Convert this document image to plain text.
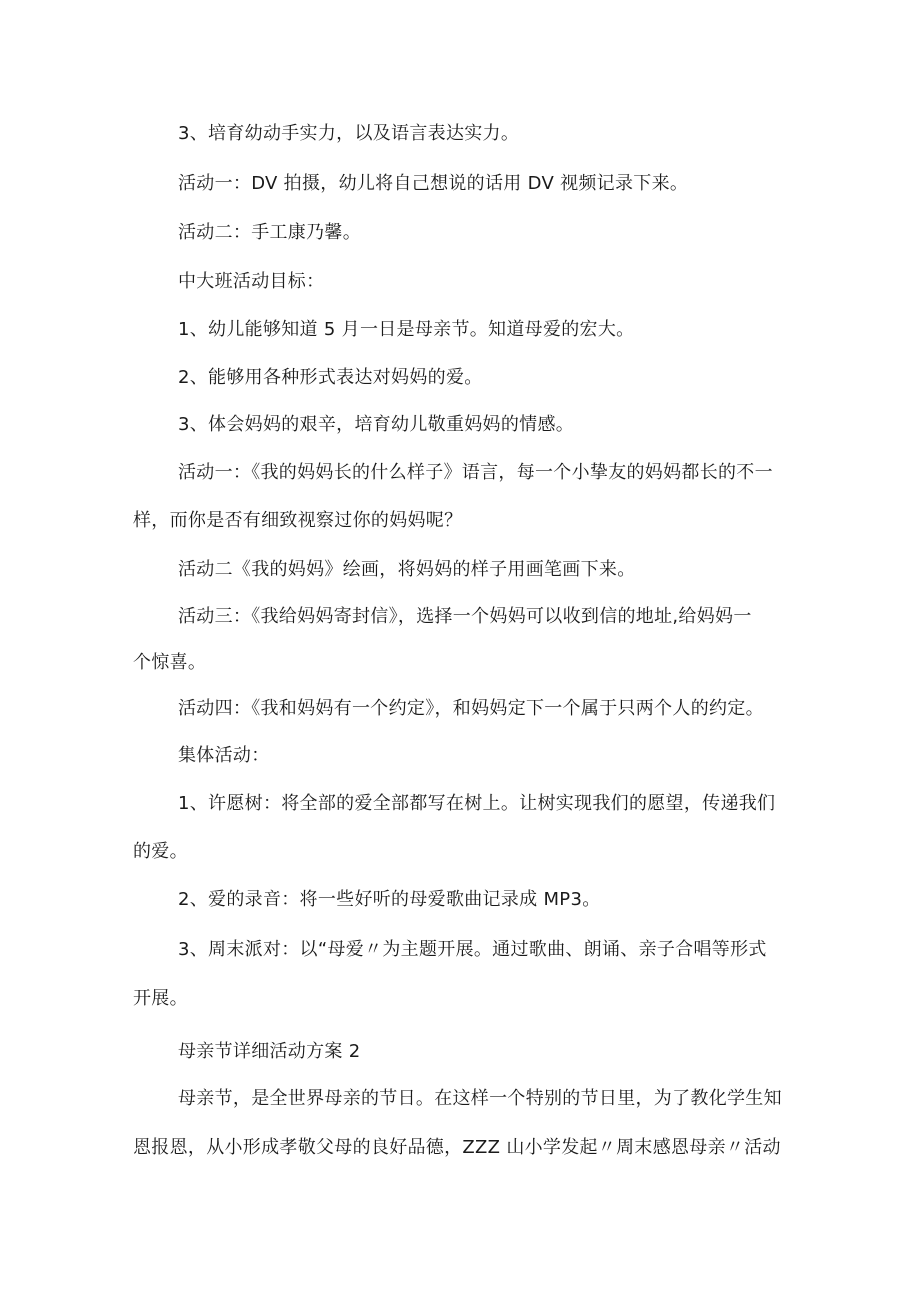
3、培育幼动手实力，以及语言表达实力。
活动一：DV 拍摄，幼儿将自己想说的话用 DV 视频记录下来。
活动二：手工康乃馨。
中大班活动目标：
1、幼儿能够知道 5 月一日是母亲节。知道母爱的宏大。
2、能够用各种形式表达对妈妈的爱。
3、体会妈妈的艰辛，培育幼儿敬重妈妈的情感。
活动一：《我的妈妈长的什么样子》语言，每一个小挚友的妈妈都长的不一
样，而你是否有细致视察过你的妈妈呢？
活动二《我的妈妈》绘画，将妈妈的样子用画笔画下来。
活动三：《我给妈妈寄封信》，选择一个妈妈可以收到信的地址,给妈妈一
个惊喜。
活动四：《我和妈妈有一个约定》，和妈妈定下一个属于只两个人的约定。
集体活动：
1、许愿树：将全部的爱全部都写在树上。让树实现我们的愿望，传递我们
的爱。
2、爱的录音：将一些好听的母爱歌曲记录成 MP3。
3、周末派对：以“母爱〃为主题开展。通过歌曲、朗诵、亲子合唱等形式
开展。
母亲节详细活动方案 2
母亲节，是全世界母亲的节日。在这样一个特别的节日里，为了教化学生知
恩报恩，从小形成孝敬父母的良好品德，ZZZ 山小学发起〃周末感恩母亲〃活动
